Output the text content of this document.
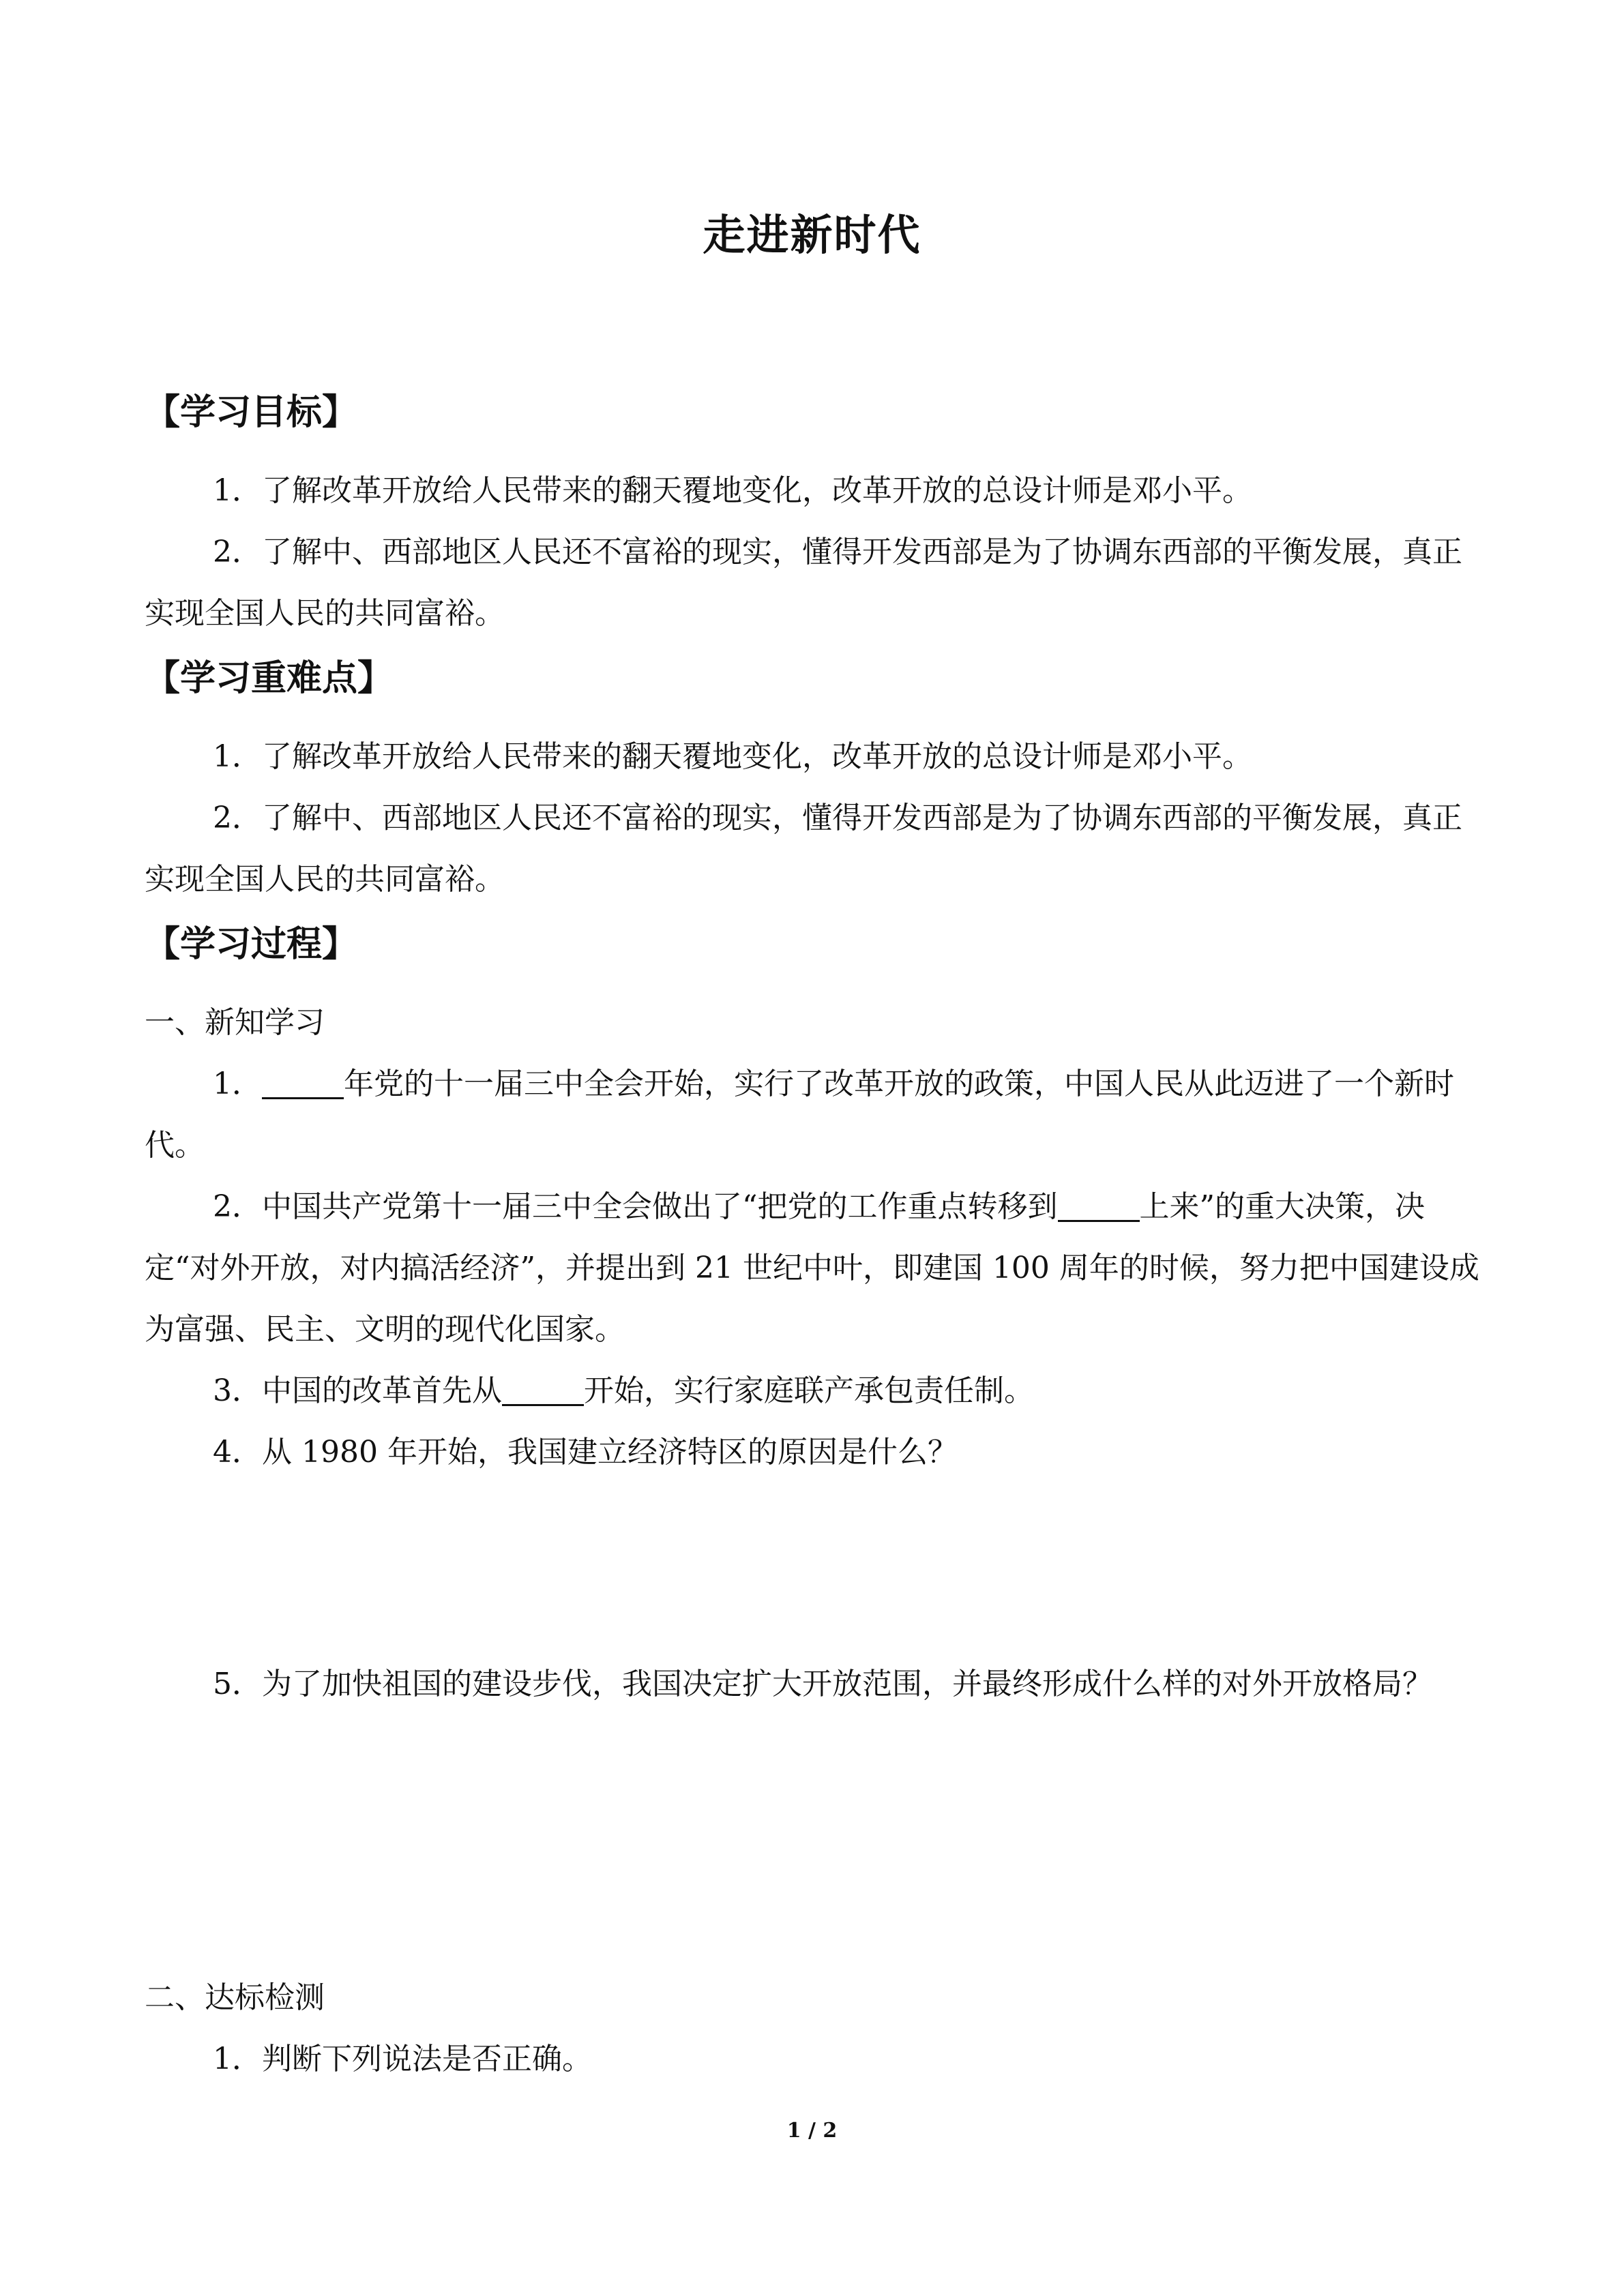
走进新时代
【学习目标】
1．了解改革开放给人民带来的翻天覆地变化，改革开放的总设计师是邓小平。
2．了解中、西部地区人民还不富裕的现实，懂得开发西部是为了协调东西部的平衡发展，真正实现全国人民的共同富裕。
【学习重难点】
1．了解改革开放给人民带来的翻天覆地变化，改革开放的总设计师是邓小平。
2．了解中、西部地区人民还不富裕的现实，懂得开发西部是为了协调东西部的平衡发展，真正实现全国人民的共同富裕。
【学习过程】
一、新知学习
1．	年党的十一届三中全会开始，实行了改革开放的政策，中国人民从此迈进了一个新时代。
2．中国共产党第十一届三中全会做出了“把党的工作重点转移到	上来”的重大决策，决定“对外开放，对内搞活经济”，并提出到 21 世纪中叶，即建国 100 周年的时候，努力把中国建设成为富强、民主、文明的现代化国家。
3．中国的改革首先从	开始，实行家庭联产承包责任制。
4．从 1980 年开始，我国建立经济特区的原因是什么？
5．为了加快祖国的建设步伐，我国决定扩大开放范围，并最终形成什么样的对外开放格局？
二、达标检测
1．判断下列说法是否正确。
1 / 2
